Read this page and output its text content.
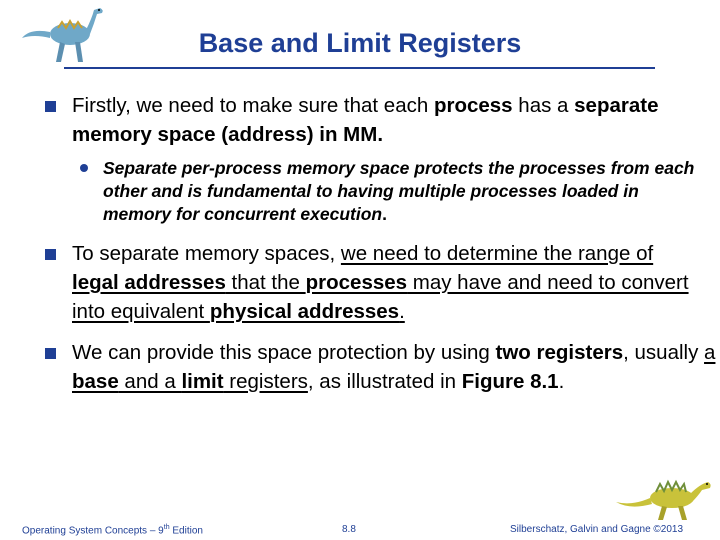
Base and Limit Registers
Firstly, we need to make sure that each process has a separate memory space (address) in MM.
Separate per-process memory space protects the processes from each other and is fundamental to having multiple processes loaded in memory for concurrent execution.
To separate memory spaces, we need to determine the range of legal addresses that the processes may have and need to convert into equivalent physical addresses.
We can provide this space protection by using two registers, usually a base and a limit registers, as illustrated in Figure 8.1.
Operating System Concepts – 9th Edition	8.8	Silberschatz, Galvin and Gagne ©2013
